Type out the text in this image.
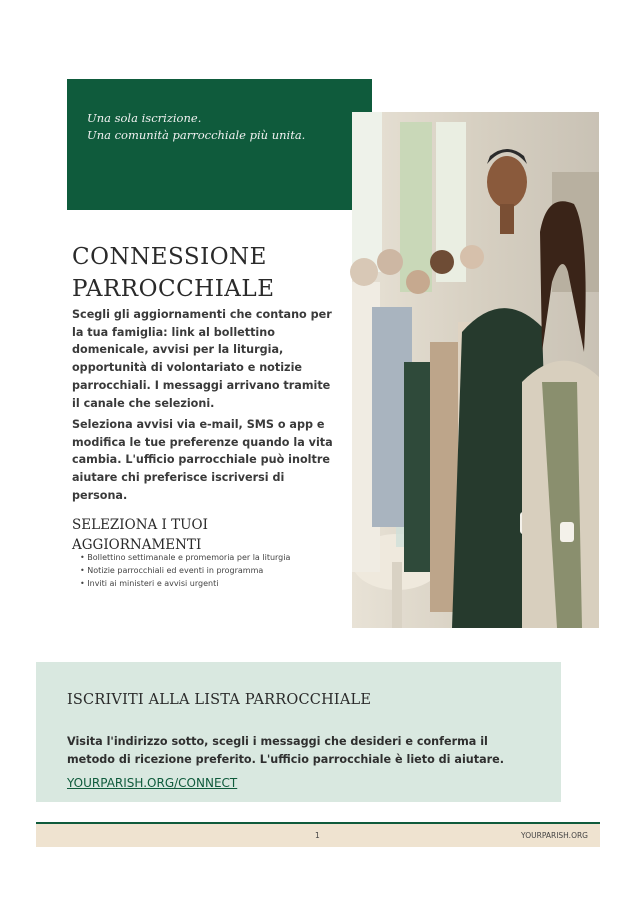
Una sola iscrizione.
Una comunità parrocchiale più unita.
CONNESSIONE PARROCCHIALE
Scegli gli aggiornamenti che contano per la tua famiglia: link al bollettino domenicale, avvisi per la liturgia, opportunità di volontariato e notizie parrocchiali. I messaggi arrivano tramite il canale che selezioni.
Seleziona avvisi via e-mail, SMS o app e modifica le tue preferenze quando la vita cambia. L'ufficio parrocchiale può inoltre aiutare chi preferisce iscriversi di persona.
SELEZIONA I TUOI AGGIORNAMENTI
• Bollettino settimanale e promemoria per la liturgia
• Notizie parrocchiali ed eventi in programma
• Inviti ai ministeri e avvisi urgenti
ISCRIVITI ALLA LISTA PARROCCHIALE
Visita l'indirizzo sotto, scegli i messaggi che desideri e conferma il metodo di ricezione preferito. L'ufficio parrocchiale è lieto di aiutare.
YOURPARISH.ORG/CONNECT
1	YOURPARISH.ORG
